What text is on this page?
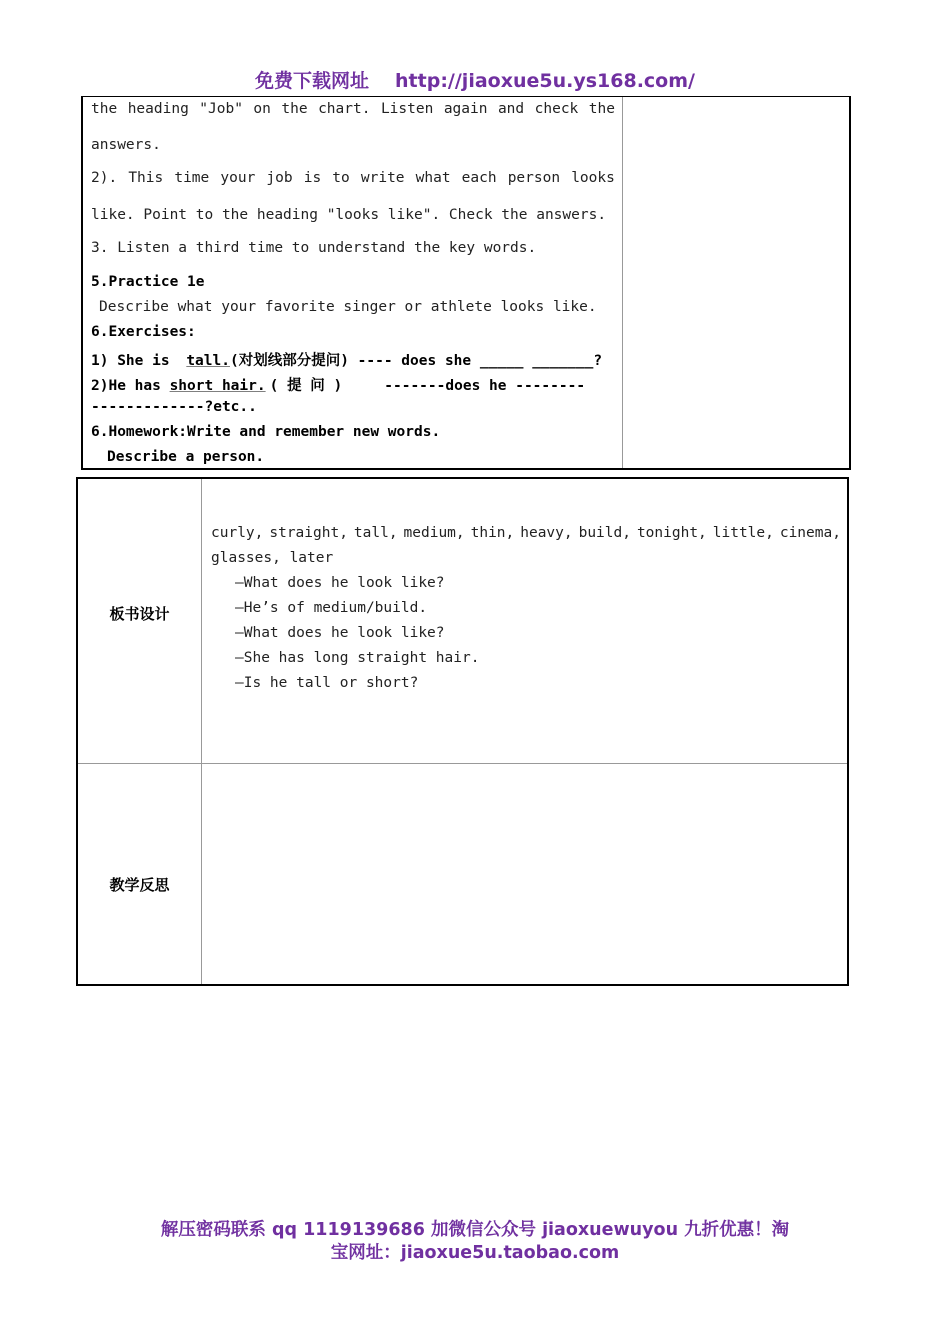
免费下载网址 http://jiaoxue5u.ys168.com/
the heading "Job" on the chart. Listen again and check the
answers.
2). This time your job is to write what each person looks
like. Point to the heading "looks like". Check the answers.
3. Listen a third time to understand the key words.
5.Practice 1e
Describe what your favorite singer or athlete looks like.
6.Exercises:
1) She is tall.(对划线部分提问) ---- does she _____ _______?
2)He has short hair. ( 提 问 )	-------does he --------
-------------?etc..
6.Homework:Write and remember new words.
Describe a person.
板书设计
curly, straight, tall, medium, thin, heavy, build, tonight, little, cinema,
glasses, later
—What does he look like?
—He’s of medium/build.
—What does he look like?
—She has long straight hair.
—Is he tall or short?
教学反思
解压密码联系 qq 1119139686 加微信公众号 jiaoxuewuyou 九折优惠！淘
宝网址：jiaoxue5u.taobao.com
